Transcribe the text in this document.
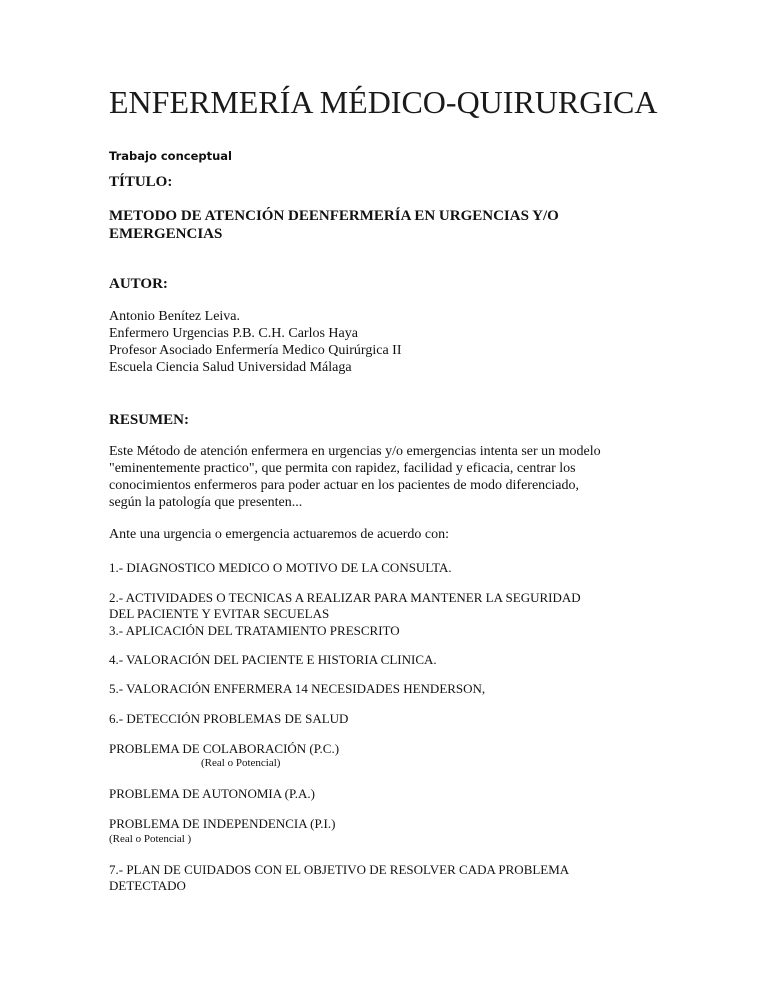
ENFERMERÍA MÉDICO-QUIRURGICA
Trabajo conceptual
TÍTULO:
METODO DE ATENCIÓN DEENFERMERÍA EN URGENCIAS Y/O
EMERGENCIAS
AUTOR:
Antonio Benítez Leiva.
Enfermero Urgencias P.B. C.H. Carlos Haya
Profesor Asociado Enfermería Medico Quirúrgica II
Escuela Ciencia Salud Universidad Málaga
RESUMEN:
Este Método de atención enfermera en urgencias y/o emergencias intenta ser un modelo
"eminentemente practico", que permita con rapidez, facilidad y eficacia, centrar los
conocimientos enfermeros para poder actuar en los pacientes de modo diferenciado,
según la patología que presenten...
Ante una urgencia o emergencia actuaremos de acuerdo con:
1.- DIAGNOSTICO MEDICO O MOTIVO DE LA CONSULTA.
2.- ACTIVIDADES O TECNICAS A REALIZAR PARA MANTENER LA SEGURIDAD
DEL PACIENTE Y EVITAR SECUELAS
3.- APLICACIÓN DEL TRATAMIENTO PRESCRITO
4.- VALORACIÓN DEL PACIENTE E HISTORIA CLINICA.
5.- VALORACIÓN ENFERMERA 14 NECESIDADES HENDERSON,
6.- DETECCIÓN PROBLEMAS DE SALUD
PROBLEMA DE COLABORACIÓN (P.C.)
(Real o Potencial)
PROBLEMA DE AUTONOMIA (P.A.)
PROBLEMA DE INDEPENDENCIA (P.I.)
(Real o Potencial )
7.- PLAN DE CUIDADOS CON EL OBJETIVO DE RESOLVER CADA PROBLEMA
DETECTADO
